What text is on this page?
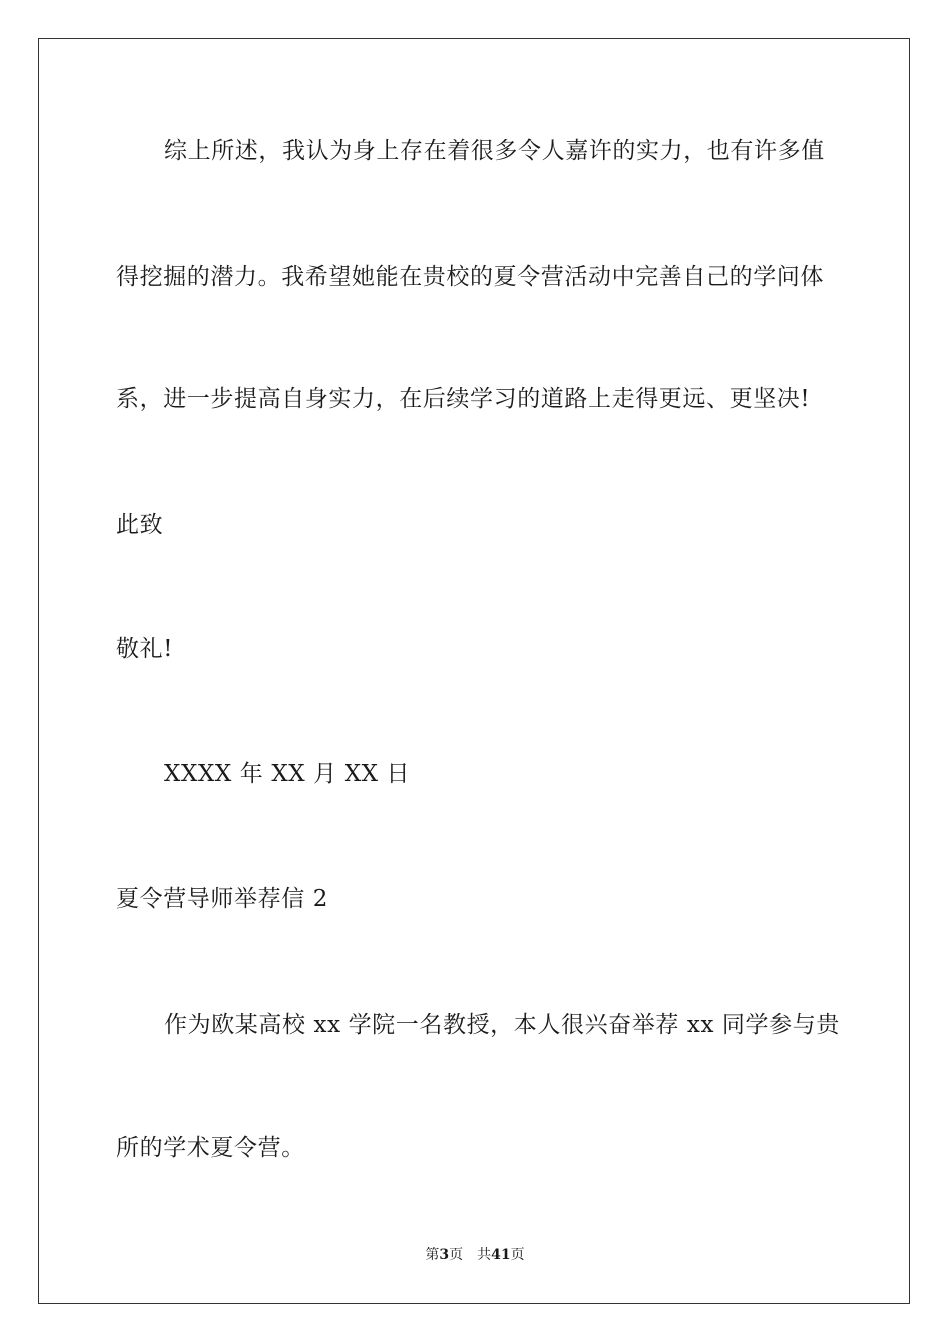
综上所述，我认为身上存在着很多令人嘉许的实力，也有许多值
得挖掘的潜力。我希望她能在贵校的夏令营活动中完善自己的学问体
系，进一步提高自身实力，在后续学习的道路上走得更远、更坚决!
此致
敬礼!
XXXX 年 XX 月 XX 日
夏令营导师举荐信 2
作为欧某高校 xx 学院一名教授，本人很兴奋举荐 xx 同学参与贵
所的学术夏令营。
第3页 共41页
